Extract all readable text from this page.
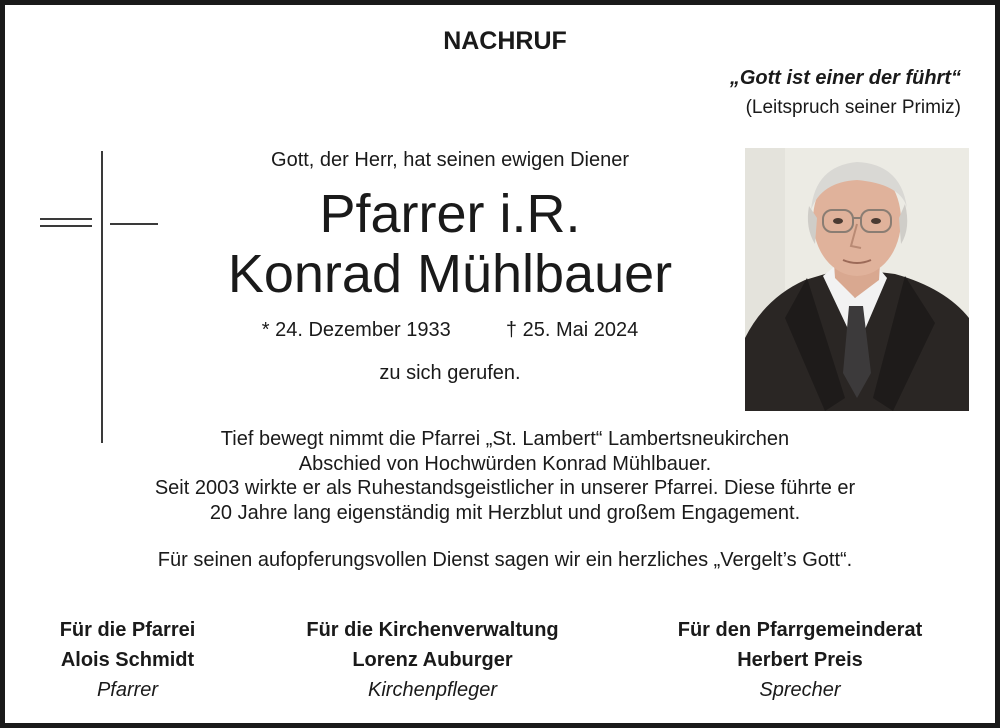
NACHRUF
„Gott ist einer der führt“
(Leitspruch seiner Primiz)
Gott, der Herr, hat seinen ewigen Diener
Pfarrer i.R.
Konrad Mühlbauer
* 24. Dezember 1933	† 25. Mai 2024
zu sich gerufen.
Tief bewegt nimmt die Pfarrei „St. Lambert“ Lambertsneukirchen
Abschied von Hochwürden Konrad Mühlbauer.
Seit 2003 wirkte er als Ruhestandsgeistlicher in unserer Pfarrei. Diese führte er
20 Jahre lang eigenständig mit Herzblut und großem Engagement.
Für seinen aufopferungsvollen Dienst sagen wir ein herzliches „Vergelt’s Gott“.
Für die Pfarrei
Alois Schmidt
Pfarrer
Für die Kirchenverwaltung
Lorenz Auburger
Kirchenpfleger
Für den Pfarrgemeinderat
Herbert Preis
Sprecher
